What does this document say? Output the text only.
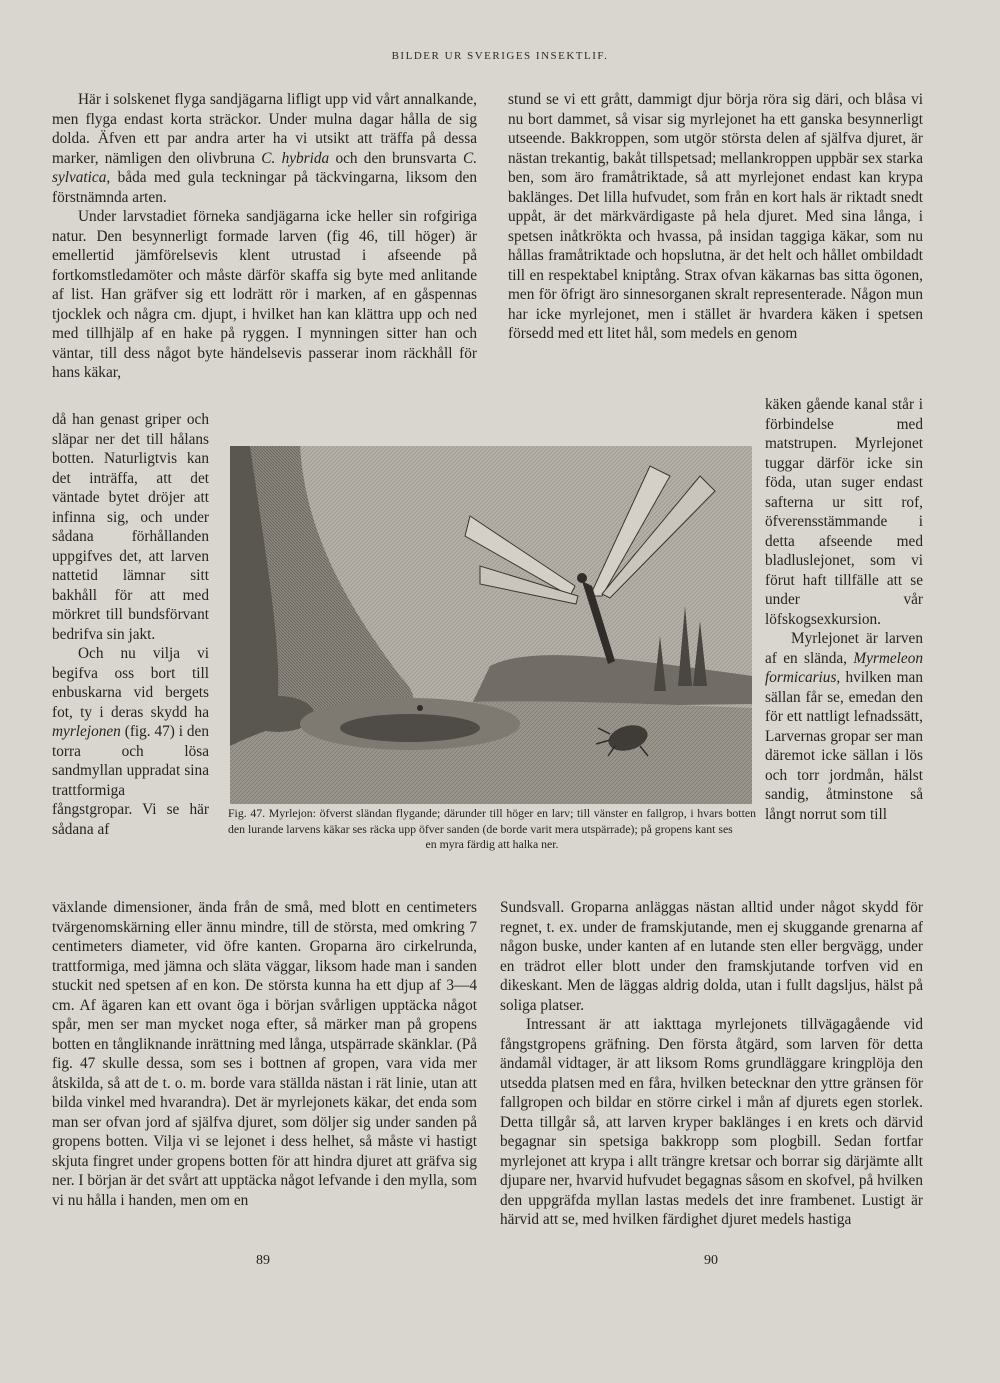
BILDER UR SVERIGES INSEKTLIF.

Här i solskenet flyga sandjägarna lifligt upp vid vårt annalkande, men flyga endast korta sträckor. Under mulna dagar hålla de sig dolda. Äfven ett par andra arter ha vi utsikt att träffa på dessa marker, nämligen den olivbruna C. hybrida och den brunsvarta C. sylvatica, båda med gula teckningar på täckvingarna, liksom den förstnämnda arten.
Under larvstadiet förneka sandjägarna icke heller sin rofgiriga natur. Den besynnerligt formade larven (fig 46, till höger) är emellertid jämförelsevis klent utrustad i afseende på fortkomstledamöter och måste därför skaffa sig byte med anlitande af list. Han gräfver sig ett lodrätt rör i marken, af en gåspennas tjocklek och några cm. djupt, i hvilket han kan klättra upp och ned med tillhjälp af en hake på ryggen. I mynningen sitter han och väntar, till dess något byte händelsevis passerar inom räckhåll för hans käkar,

då han genast griper och släpar ner det till hålans botten. Naturligtvis kan det inträffa, att det väntade bytet dröjer att infinna sig, och under sådana förhållanden uppgifves det, att larven nattetid lämnar sitt bakhåll för att med mörkret till bundsförvant bedrifva sin jakt.
Och nu vilja vi begifva oss bort till enbuskarna vid bergets fot, ty i deras skydd ha myrlejonen (fig. 47) i den torra och lösa sandmyllan uppradat sina trattformiga fångstgropar. Vi se här sådana af

växlande dimensioner, ända från de små, med blott en centimeters tvärgenomskärning eller ännu mindre, till de största, med omkring 7 centimeters diameter, vid öfre kanten. Groparna äro cirkelrunda, trattformiga, med jämna och släta väggar, liksom hade man i sanden stuckit ned spetsen af en kon. De största kunna ha ett djup af 3—4 cm. Af ägaren kan ett ovant öga i början svårligen upptäcka något spår, men ser man mycket noga efter, så märker man på gropens botten en tångliknande inrättning med långa, utspärrade skänklar. (På fig. 47 skulle dessa, som ses i bottnen af gropen, vara vida mer åtskilda, så att de t. o. m. borde vara ställda nästan i rät linie, utan att bilda vinkel med hvarandra). Det är myrlejonets käkar, det enda som man ser ofvan jord af själfva djuret, som döljer sig under sanden på gropens botten. Vilja vi se lejonet i dess helhet, så måste vi hastigt skjuta fingret under gropens botten för att hindra djuret att gräfva sig ner. I början är det svårt att upptäcka något lefvande i den mylla, som vi nu hålla i handen, men om en

stund se vi ett grått, dammigt djur börja röra sig däri, och blåsa vi nu bort dammet, så visar sig myrlejonet ha ett ganska besynnerligt utseende. Bakkroppen, som utgör största delen af själfva djuret, är nästan trekantig, bakåt tillspetsad; mellankroppen uppbär sex starka ben, som äro framåtriktade, så att myrlejonet endast kan krypa baklänges. Det lilla hufvudet, som från en kort hals är riktadt snedt uppåt, är det märkvärdigaste på hela djuret. Med sina långa, i spetsen inåtkrökta och hvassa, på insidan taggiga käkar, som nu hållas framåtriktade och hopslutna, är det helt och hållet ombildadt till en respektabel kniptång. Strax ofvan käkarnas bas sitta ögonen, men för öfrigt äro sinnesorganen skralt representerade. Någon mun har icke myrlejonet, men i stället är hvardera käken i spetsen försedd med ett litet hål, som medels en genom

käken gående kanal står i förbindelse med matstrupen. Myrlejonet tuggar därför icke sin föda, utan suger endast safterna ur sitt rof, öfverensstämmande i detta afseende med bladluslejonet, som vi förut haft tillfälle att se under vår löfskogsexkursion.
Myrlejonet är larven af en slända, Myrmeleon formicarius, hvilken man sällan får se, emedan den för ett nattligt lefnadssätt, Larvernas gropar ser man däremot icke sällan i lös och torr jordmån, hälst sandig, åtminstone så långt norrut som till

Sundsvall. Groparna anläggas nästan alltid under något skydd för regnet, t. ex. under de framskjutande, men ej skuggande grenarna af någon buske, under kanten af en lutande sten eller bergvägg, under en trädrot eller blott under den framskjutande torfven vid en dikeskant. Men de läggas aldrig dolda, utan i fullt dagsljus, hälst på soliga platser.
Intressant är att iakttaga myrlejonets tillvägagående vid fångstgropens gräfning. Den första åtgärd, som larven för detta ändamål vidtager, är att liksom Roms grundläggare kringplöja den utsedda platsen med en fåra, hvilken betecknar den yttre gränsen för fallgropen och bildar en större cirkel i mån af djurets egen storlek. Detta tillgår så, att larven kryper baklänges i en krets och därvid begagnar sin spetsiga bakkropp som plogbill. Sedan fortfar myrlejonet att krypa i allt trängre kretsar och borrar sig därjämte allt djupare ner, hvarvid hufvudet begagnas såsom en skofvel, på hvilken den uppgräfda myllan lastas medels det inre frambenet. Lustigt är härvid att se, med hvilken färdighet djuret medels hastiga

Fig. 47. Myrlejon: öfverst sländan flygande; därunder till höger en larv; till vänster en fallgrop, i hvars botten den lurande larvens käkar ses räcka upp öfver sanden (de borde varit mera utspärrade); på gropens kant ses
en myra färdig att halka ner.

89	90
